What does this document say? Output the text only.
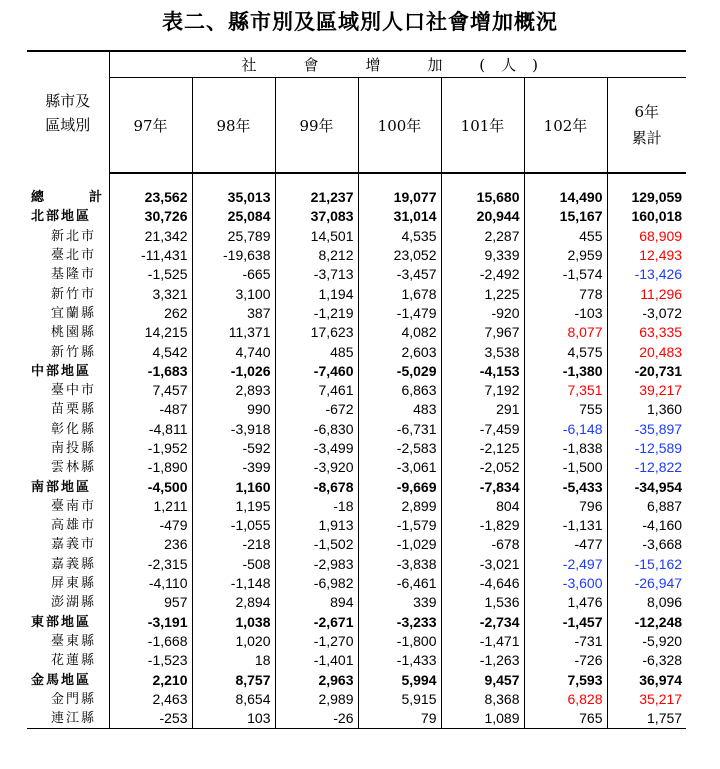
表二、縣市別及區域別人口社會增加概況
縣市及 區域別	社　會　增　加 (人)						
	97年	98年	99年	100年	101年	102年	6年 累計

總　計	23,562	35,013	21,237	19,077	15,680	14,490	129,059
北部地區	30,726	25,084	37,083	31,014	20,944	15,167	160,018
新北市	21,342	25,789	14,501	4,535	2,287	455	68,909
臺北市	-11,431	-19,638	8,212	23,052	9,339	2,959	12,493
基隆市	-1,525	-665	-3,713	-3,457	-2,492	-1,574	-13,426
新竹市	3,321	3,100	1,194	1,678	1,225	778	11,296
宜蘭縣	262	387	-1,219	-1,479	-920	-103	-3,072
桃園縣	14,215	11,371	17,623	4,082	7,967	8,077	63,335
新竹縣	4,542	4,740	485	2,603	3,538	4,575	20,483
中部地區	-1,683	-1,026	-7,460	-5,029	-4,153	-1,380	-20,731
臺中市	7,457	2,893	7,461	6,863	7,192	7,351	39,217
苗栗縣	-487	990	-672	483	291	755	1,360
彰化縣	-4,811	-3,918	-6,830	-6,731	-7,459	-6,148	-35,897
南投縣	-1,952	-592	-3,499	-2,583	-2,125	-1,838	-12,589
雲林縣	-1,890	-399	-3,920	-3,061	-2,052	-1,500	-12,822
南部地區	-4,500	1,160	-8,678	-9,669	-7,834	-5,433	-34,954
臺南市	1,211	1,195	-18	2,899	804	796	6,887
高雄市	-479	-1,055	1,913	-1,579	-1,829	-1,131	-4,160
嘉義市	236	-218	-1,502	-1,029	-678	-477	-3,668
嘉義縣	-2,315	-508	-2,983	-3,838	-3,021	-2,497	-15,162
屏東縣	-4,110	-1,148	-6,982	-6,461	-4,646	-3,600	-26,947
澎湖縣	957	2,894	894	339	1,536	1,476	8,096
東部地區	-3,191	1,038	-2,671	-3,233	-2,734	-1,457	-12,248
臺東縣	-1,668	1,020	-1,270	-1,800	-1,471	-731	-5,920
花蓮縣	-1,523	18	-1,401	-1,433	-1,263	-726	-6,328
金馬地區	2,210	8,757	2,963	5,994	9,457	7,593	36,974
金門縣	2,463	8,654	2,989	5,915	8,368	6,828	35,217
連江縣	-253	103	-26	79	1,089	765	1,757
